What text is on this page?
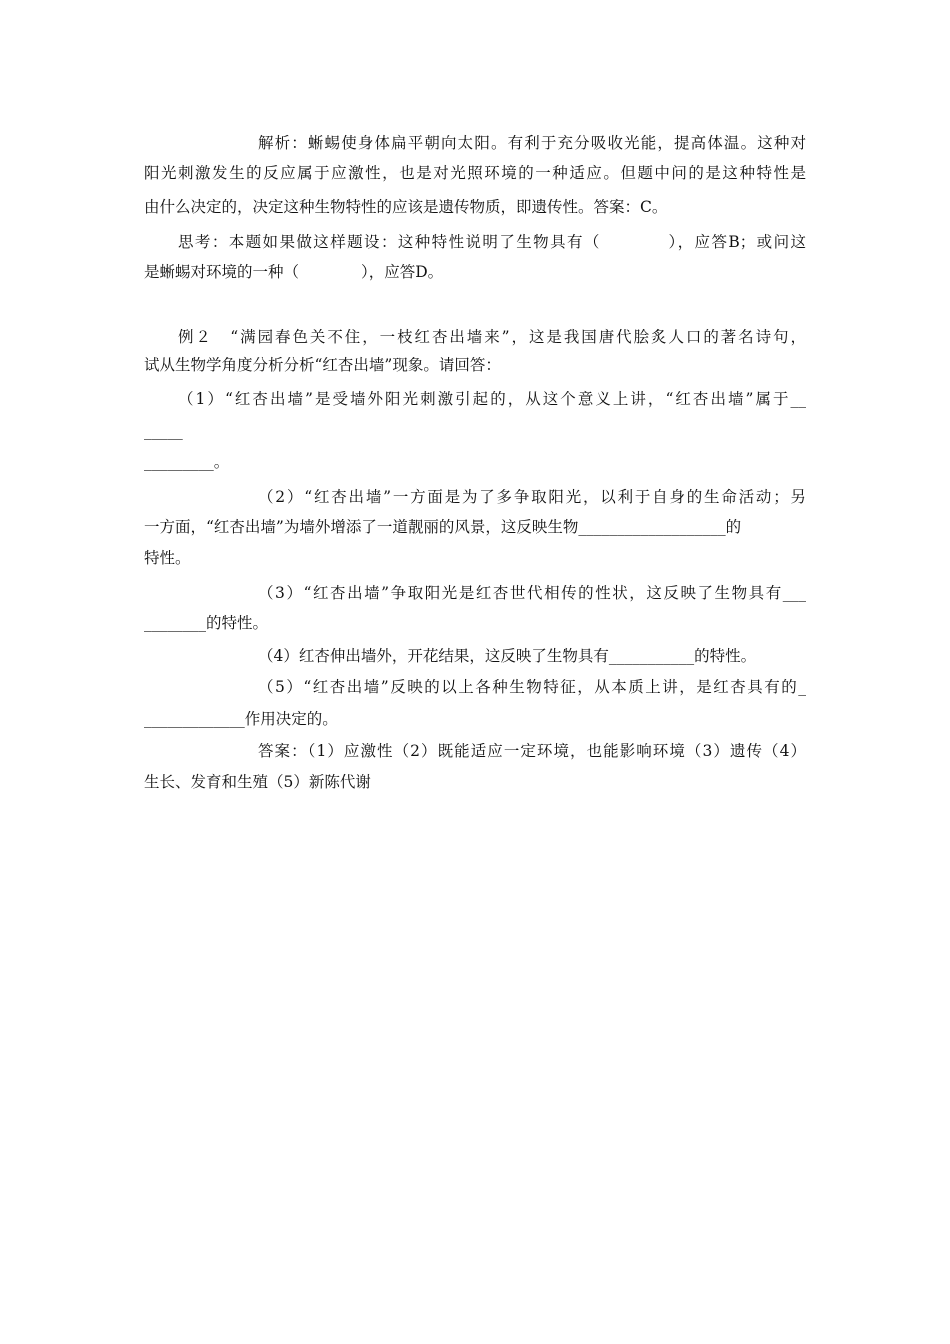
解析：蜥蜴使身体扁平朝向太阳。有利于充分吸收光能，提高体温。这种对
阳光刺激发生的反应属于应激性，也是对光照环境的一种适应。但题中问的是这种特性是
由什么决定的，决定这种生物特性的应该是遗传物质，即遗传性。答案：C。
思考：本题如果做这样题设：这种特性说明了生物具有（　　　　），应答B；或问这
是蜥蜴对环境的一种（　　　　），应答D。
例２　“满园春色关不住，一枝红杏出墙来”，这是我国唐代脍炙人口的著名诗句，
试从生物学角度分析分析“红杏出墙”现象。请回答：
（1）“红杏出墙”是受墙外阳光刺激引起的，从这个意义上讲，“红杏出墙”属于__
_____
_________。
（2）“红杏出墙”一方面是为了多争取阳光，以利于自身的生命活动；另
一方面，“红杏出墙”为墙外增添了一道靓丽的风景，这反映生物___________________的
特性。
（3）“红杏出墙”争取阳光是红杏世代相传的性状，这反映了生物具有___
________的特性。
（4）红杏伸出墙外，开花结果，这反映了生物具有___________的特性。
（5）“红杏出墙”反映的以上各种生物特征，从本质上讲，是红杏具有的_
_____________作用决定的。
答案：（1）应激性（2）既能适应一定环境，也能影响环境（3）遗传（4）
生长、发育和生殖（5）新陈代谢
